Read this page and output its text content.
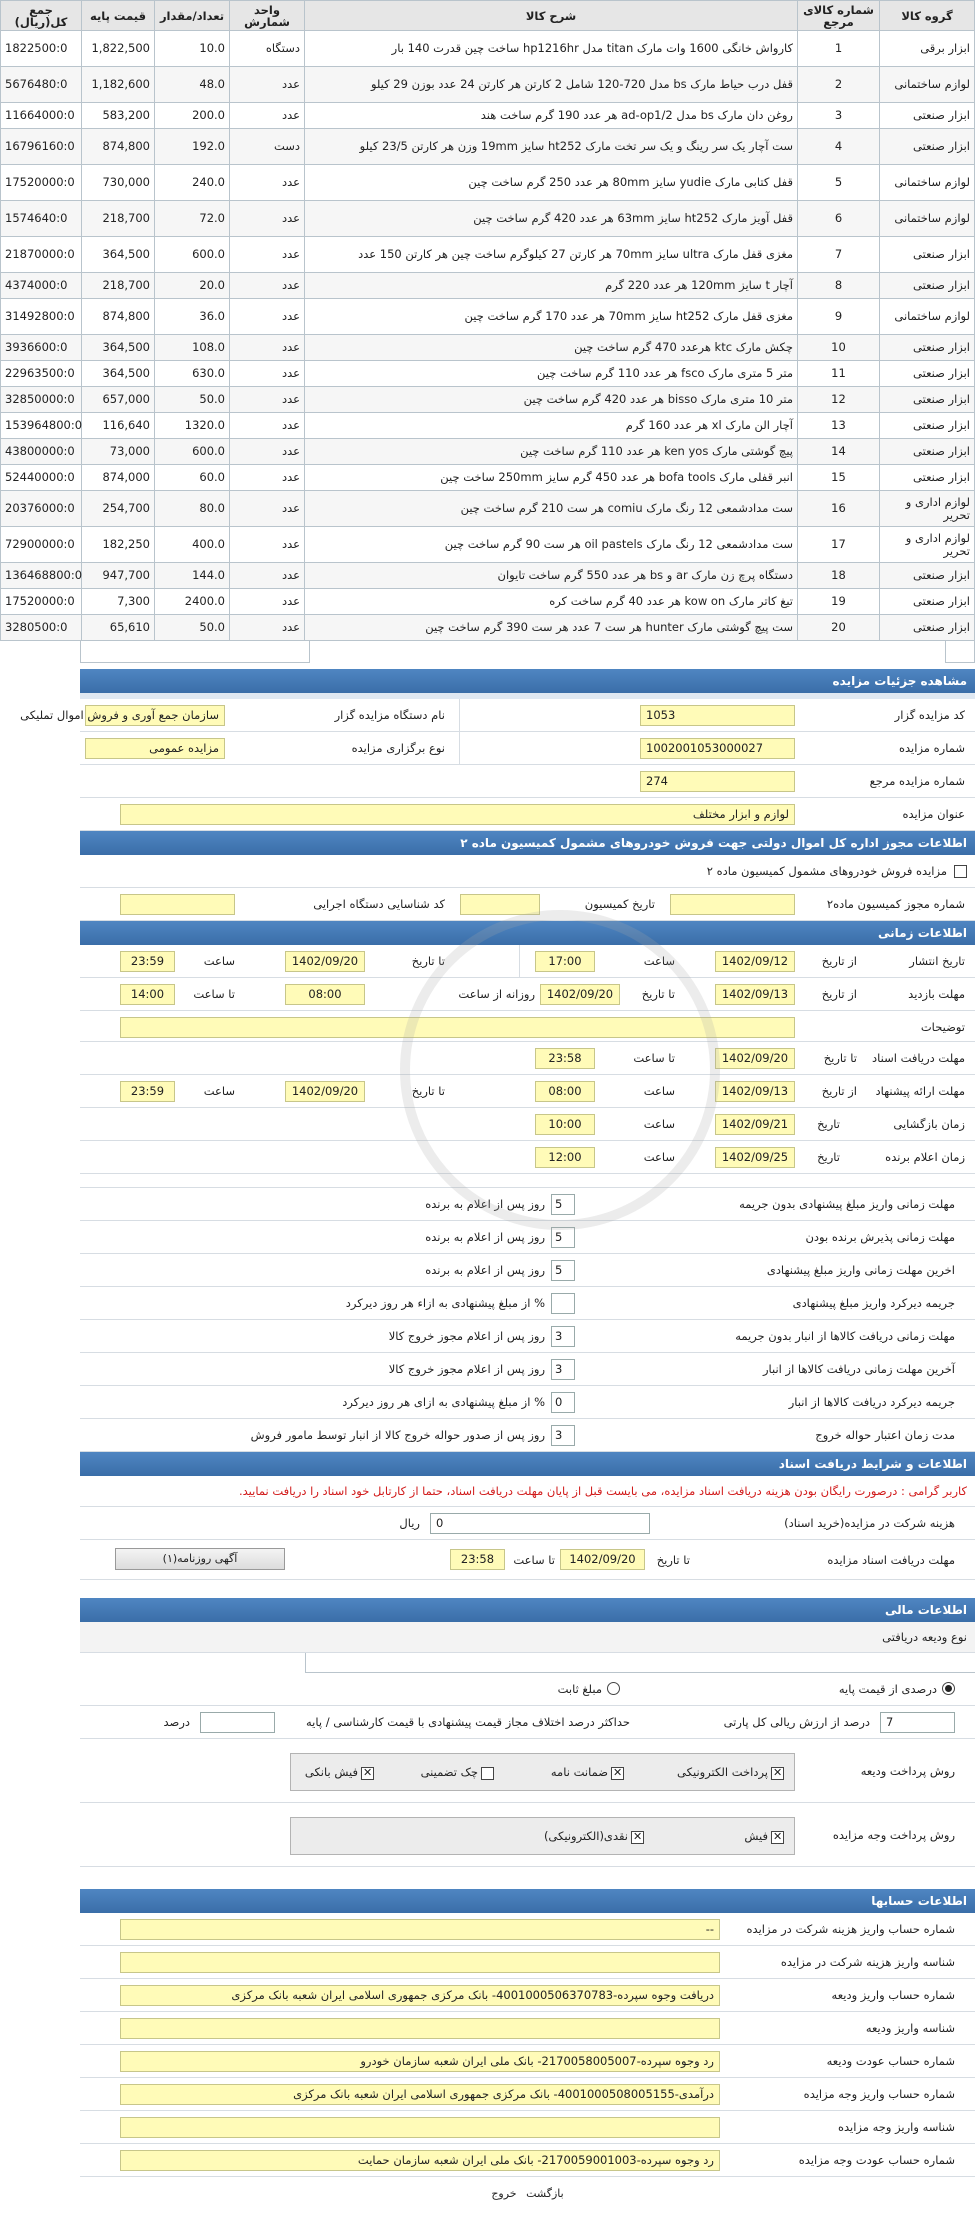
گروه کالا	شماره کالای مرجع	شرح کالا	واحد شمارش	تعداد/مقدار	قیمت پایه	جمع کل(ریال)
ابزار برقی	1	کارواش خانگی 1600 وات مارک titan مدل hp1216hr ساخت چین قدرت 140 بار	دستگاه	10.0	1,822,500	1822500:0
لوازم ساختمانی	2	قفل درب حیاط مارک bs مدل 720-120 شامل 2 کارتن هر کارتن 24 عدد بوزن 29 کیلو	عدد	48.0	1,182,600	5676480:0
ابزار صنعتی	3	روغن دان مارک bs مدل ad-op1/2 هر عدد 190 گرم ساخت هند	عدد	200.0	583,200	11664000:0
ابزار صنعتی	4	ست آچار یک سر رینگ و یک سر تخت مارک ht252 سایز 19mm وزن هر کارتن 23/5 کیلو	دست	192.0	874,800	16796160:0
لوازم ساختمانی	5	قفل کتابی مارک yudie سایز 80mm هر عدد 250 گرم ساخت چین	عدد	240.0	730,000	17520000:0
لوازم ساختمانی	6	قفل آویز مارک ht252 سایز 63mm هر عدد 420 گرم ساخت چین	عدد	72.0	218,700	1574640:0
ابزار صنعتی	7	مغزی قفل مارک ultra سایز 70mm هر کارتن 27 کیلوگرم ساخت چین هر کارتن 150 عدد	عدد	600.0	364,500	21870000:0
ابزار صنعتی	8	آچار t سایز 120mm هر عدد 220 گرم	عدد	20.0	218,700	4374000:0
لوازم ساختمانی	9	مغزی قفل مارک ht252 سایز 70mm هر عدد 170 گرم ساخت چین	عدد	36.0	874,800	31492800:0
ابزار صنعتی	10	چکش مارک ktc هرعدد 470 گرم ساخت چین	عدد	108.0	364,500	3936600:0
ابزار صنعتی	11	متر 5 متری مارک fsco هر عدد 110 گرم ساخت چین	عدد	630.0	364,500	22963500:0
ابزار صنعتی	12	متر 10 متری مارک bisso هر عدد 420 گرم ساخت چین	عدد	50.0	657,000	32850000:0
ابزار صنعتی	13	آچار الن مارک xl هر عدد 160 گرم	عدد	1320.0	116,640	153964800:0
ابزار صنعتی	14	پیچ گوشتی مارک ken yos هر عدد 110 گرم ساخت چین	عدد	600.0	73,000	43800000:0
ابزار صنعتی	15	انبر قفلی مارک bofa tools هر عدد 450 گرم سایز 250mm ساخت چین	عدد	60.0	874,000	52440000:0
لوازم اداری و تحریر	16	ست مدادشمعی 12 رنگ مارک comiu هر ست 210 گرم ساخت چین	عدد	80.0	254,700	20376000:0
لوازم اداری و تحریر	17	ست مدادشمعی 12 رنگ مارک oil pastels هر ست 90 گرم ساخت چین	عدد	400.0	182,250	72900000:0
ابزار صنعتی	18	دستگاه پرچ زن مارک ar و bs هر عدد 550 گرم ساخت تایوان	عدد	144.0	947,700	136468800:0
ابزار صنعتی	19	تیغ کاتر مارک kow on هر عدد 40 گرم ساخت کره	عدد	2400.0	7,300	17520000:0
ابزار صنعتی	20	ست پیچ گوشتی مارک hunter هر ست 7 عدد هر ست 390 گرم ساخت چین	عدد	50.0	65,610	3280500:0
مشاهده جزئیات مزایده
کد مزایده گزار
1053
نام دستگاه مزایده گزار
سازمان جمع آوری و فروش اموال تملیکی
شماره مزایده
1002001053000027
نوع برگزاری مزایده
مزایده عمومی
شماره مزایده مرجع
274
عنوان مزایده
لوازم و ابزار مختلف
اطلاعات مجوز اداره کل اموال دولتی جهت فروش خودروهای مشمول کمیسیون ماده ۲
مزایده فروش خودروهای مشمول کمیسیون ماده ۲
شماره مجوز کمیسیون ماده۲
تاریخ کمیسیون
کد شناسایی دستگاه اجرایی
اطلاعات زمانی
تاریخ انتشار
از تاریخ
1402/09/12
ساعت
17:00
تا تاریخ
1402/09/20
ساعت
23:59
مهلت بازدید
از تاریخ
1402/09/13
تا تاریخ
1402/09/20
روزانه از ساعت
08:00
تا ساعت
14:00
توضیحات
مهلت دریافت اسناد
تا تاریخ
1402/09/20
تا ساعت
23:58
مهلت ارائه پیشنهاد
از تاریخ
1402/09/13
ساعت
08:00
تا تاریخ
1402/09/20
ساعت
23:59
زمان بازگشایی
تاریخ
1402/09/21
ساعت
10:00
زمان اعلام برنده
تاریخ
1402/09/25
ساعت
12:00
مهلت زمانی واریز مبلغ پیشنهادی بدون جریمه
5
روز پس از اعلام به برنده
مهلت زمانی پذیرش برنده بودن
5
روز پس از اعلام به برنده
اخرین مهلت زمانی واریز مبلغ پیشنهادی
5
روز پس از اعلام به برنده
جریمه دیرکرد واریز مبلغ پیشنهادی
% از مبلغ پیشنهادی به ازاء هر روز دیرکرد
مهلت زمانی دریافت کالاها از انبار بدون جریمه
3
روز پس از اعلام مجوز خروج کالا
آخرین مهلت زمانی دریافت کالاها از انبار
3
روز پس از اعلام مجوز خروج کالا
جریمه دیرکرد دریافت کالاها از انبار
0
% از مبلغ پیشنهادی به ازای هر روز دیرکرد
مدت زمان اعتبار حواله خروج
3
روز پس از صدور حواله خروج کالا از انبار توسط مامور فروش
اطلاعات و شرایط دریافت اسناد
کاربر گرامی : درصورت رایگان بودن هزینه دریافت اسناد مزایده، می بایست قبل از پایان مهلت دریافت اسناد، حتما از کارتابل خود اسناد را دریافت نمایید.
هزینه شرکت در مزایده(خرید اسناد)
0
ریال
مهلت دریافت اسناد مزایده
تا تاریخ
1402/09/20
تا ساعت
23:58
آگهی روزنامه(۱)
اطلاعات مالی
نوع ودیعه دریافتی
درصدی از قیمت پایه
مبلغ ثابت
7
درصد از ارزش ریالی کل پارتی
حداکثر درصد اختلاف مجاز قیمت پیشنهادی با قیمت کارشناسی / پایه
درصد
روش پرداخت ودیعه
✕پرداخت الکترونیکی
✕ضمانت نامه
چک تضمینی
✕فیش بانکی
روش پرداخت وجه مزایده
✕فیش
✕نقدی(الکترونیکی)
اطلاعات حسابها
شماره حساب واریز هزینه شرکت در مزایده
--
شناسه واریز هزینه شرکت در مزایده
شماره حساب واریز ودیعه
دریافت وجوه سپرده-4001000506370783- بانک مرکزی جمهوری اسلامی ایران شعبه بانک مرکزی
شناسه واریز ودیعه
شماره حساب عودت ودیعه
رد وجوه سپرده-2170058005007- بانک ملی ایران شعبه سازمان خودرو
شماره حساب واریز وجه مزایده
درآمدی-4001000508005155- بانک مرکزی جمهوری اسلامی ایران شعبه بانک مرکزی
شناسه واریز وجه مزایده
شماره حساب عودت وجه مزایده
رد وجوه سپرده-2170059001003- بانک ملی ایران شعبه سازمان حمایت
بازگشت خروج
